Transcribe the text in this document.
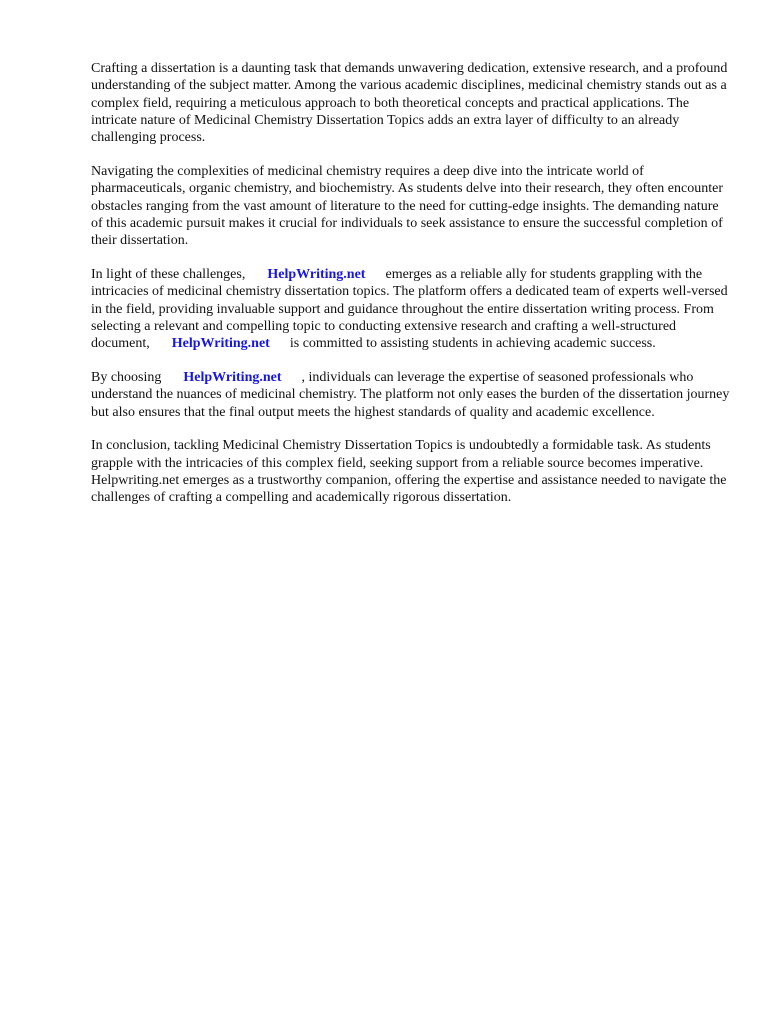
Crafting a dissertation is a daunting task that demands unwavering dedication, extensive research, and a profound understanding of the subject matter. Among the various academic disciplines, medicinal chemistry stands out as a complex field, requiring a meticulous approach to both theoretical concepts and practical applications. The intricate nature of Medicinal Chemistry Dissertation Topics adds an extra layer of difficulty to an already challenging process.

Navigating the complexities of medicinal chemistry requires a deep dive into the intricate world of pharmaceuticals, organic chemistry, and biochemistry. As students delve into their research, they often encounter obstacles ranging from the vast amount of literature to the need for cutting-edge insights. The demanding nature of this academic pursuit makes it crucial for individuals to seek assistance to ensure the successful completion of their dissertation.

In light of these challenges, HelpWriting.net emerges as a reliable ally for students grappling with the intricacies of medicinal chemistry dissertation topics. The platform offers a dedicated team of experts well-versed in the field, providing invaluable support and guidance throughout the entire dissertation writing process. From selecting a relevant and compelling topic to conducting extensive research and crafting a well-structured document, HelpWriting.net is committed to assisting students in achieving academic success.

By choosing HelpWriting.net , individuals can leverage the expertise of seasoned professionals who understand the nuances of medicinal chemistry. The platform not only eases the burden of the dissertation journey but also ensures that the final output meets the highest standards of quality and academic excellence.

In conclusion, tackling Medicinal Chemistry Dissertation Topics is undoubtedly a formidable task. As students grapple with the intricacies of this complex field, seeking support from a reliable source becomes imperative. Helpwriting.net emerges as a trustworthy companion, offering the expertise and assistance needed to navigate the challenges of crafting a compelling and academically rigorous dissertation.
